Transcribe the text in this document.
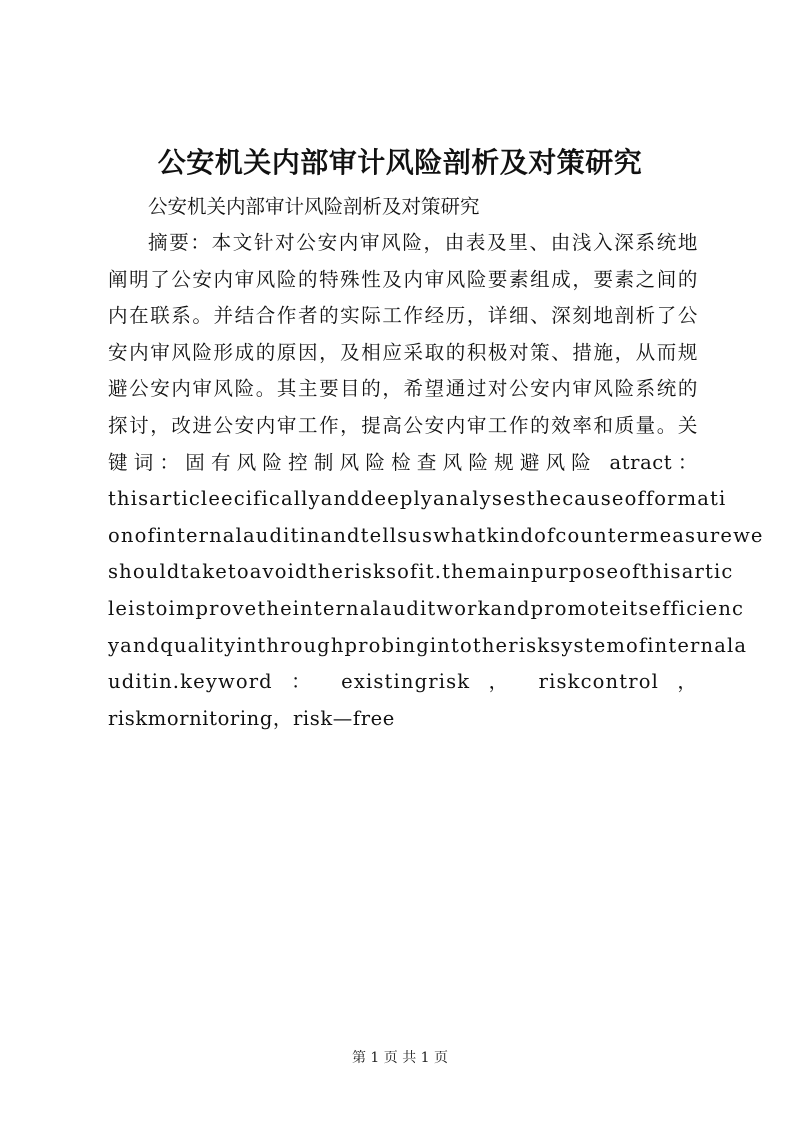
公安机关内部审计风险剖析及对策研究
公安机关内部审计风险剖析及对策研究
摘要：本文针对公安内审风险，由表及里、由浅入深系统地
阐明了公安内审风险的特殊性及内审风险要素组成，要素之间的
内在联系。并结合作者的实际工作经历，详细、深刻地剖析了公
安内审风险形成的原因，及相应采取的积极对策、措施，从而规
避公安内审风险。其主要目的，希望通过对公安内审风险系统的
探讨，改进公安内审工作，提高公安内审工作的效率和质量。关
键词：固有风险控制风险检查风险规避风险 atract：
thisarticleecificallyanddeeplyanalysesthecauseofformati
onofinternalauditinandtellsuswhatkindofcountermeasurewe
shouldtaketoavoidtherisksofit.themainpurposeofthisartic
leistoimprovetheinternalauditworkandpromoteitsefficienc
yandqualityinthroughprobingintotherisksystemofinternala
uditin.keyword ： existingrisk ， riskcontrol ，
riskmornitoring，risk—free
第 1 页 共 1 页
